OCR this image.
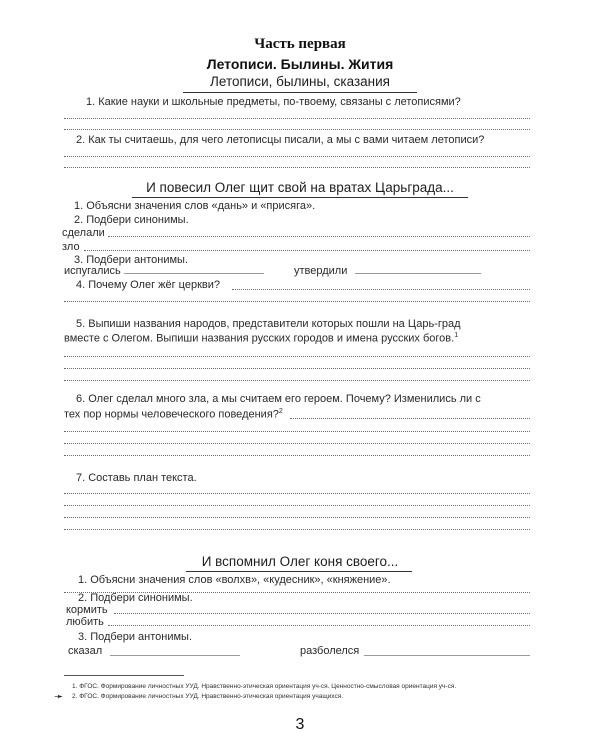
Часть первая
Летописи. Былины. Жития
Летописи, былины, сказания
1. Какие науки и школьные предметы, по-твоему, связаны с летописями?
2. Как ты считаешь, для чего летописцы писали, а мы с вами читаем летописи?
И повесил Олег щит свой на вратах Царьграда...
1. Объясни значения слов «дань» и «присяга».
2. Подбери синонимы.
сделали
зло
3. Подбери антонимы.
испугались	утвердили
4. Почему Олег жёг церкви?
5. Выпиши названия народов, представители которых пошли на Царь-град
вместе с Олегом. Выпиши названия русских городов и имена русских богов.$^1$
6. Олег сделал много зла, а мы считаем его героем. Почему? Изменились ли с
тех пор нормы человеческого поведения?$^2$
7. Составь план текста.
И вспомнил Олег коня своего...
1. Объясни значения слов «волхв», «кудесник», «княжение».
2. Подбери синонимы.
кормить
любить
3. Подбери антонимы.
сказал	разболелся
1. ФГОС. Формирование личностных УУД. Нравственно-этическая ориентация уч-ся. Ценностно-смысловая ориентация уч-ся.
➛ 2. ФГОС. Формирование личностных УУД. Нравственно-этическая ориентация учащихся.
3
